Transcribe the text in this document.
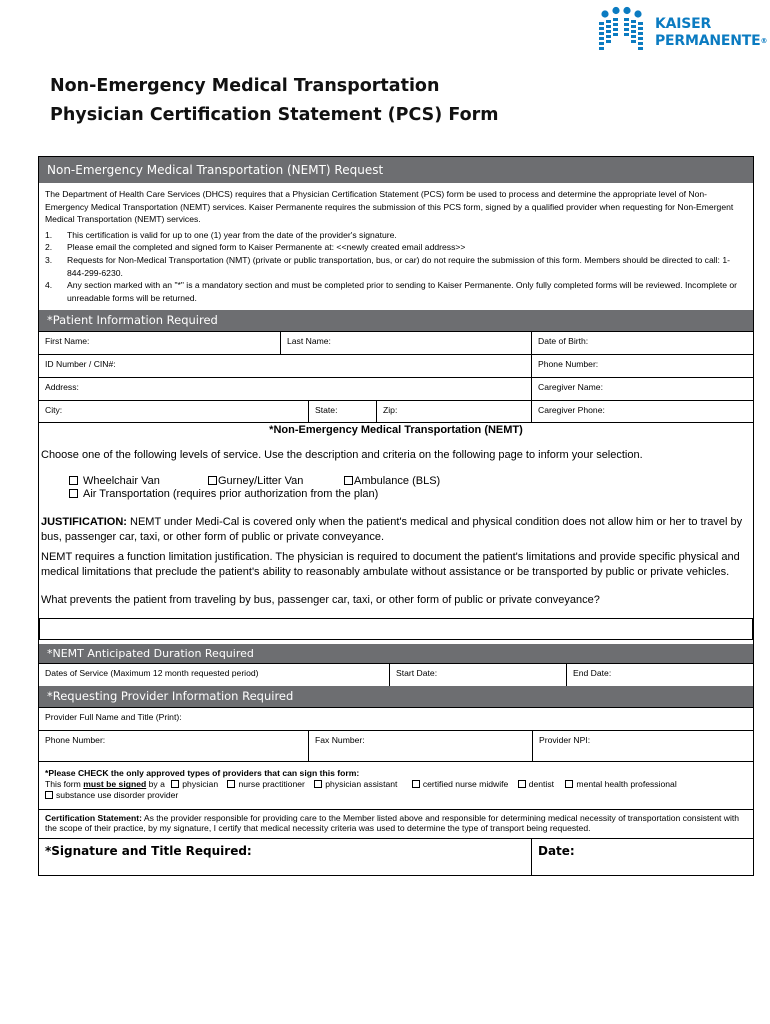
KAISER
PERMANENTE®
Non-Emergency Medical Transportation
Physician Certification Statement (PCS) Form
Non-Emergency Medical Transportation (NEMT) Request
The Department of Health Care Services (DHCS) requires that a Physician Certification Statement (PCS) form be used to process and determine the appropriate level of Non-Emergency Medical Transportation (NEMT) services. Kaiser Permanente requires the submission of this PCS form, signed by a qualified provider when requesting for Non-Emergent Medical Transportation (NEMT) services.
1. This certification is valid for up to one (1) year from the date of the provider's signature.
2. Please email the completed and signed form to Kaiser Permanente at: <<newly created email address>>
3. Requests for Non-Medical Transportation (NMT) (private or public transportation, bus, or car) do not require the submission of this form. Members should be directed to call: 1-844-299-6230.
4. Any section marked with an "*" is a mandatory section and must be completed prior to sending to Kaiser Permanente. Only fully completed forms will be reviewed. Incomplete or unreadable forms will be returned.
*Patient Information Required
First Name:	Last Name:	Date of Birth:
ID Number / CIN#:	Phone Number:
Address:	Caregiver Name:
City:	State:	Zip:	Caregiver Phone:
*Non-Emergency Medical Transportation (NEMT)

Choose one of the following levels of service. Use the description and criteria on the following page to inform your selection.

Wheelchair Van	Gurney/Litter Van	Ambulance (BLS)
Air Transportation (requires prior authorization from the plan)

JUSTIFICATION: NEMT under Medi-Cal is covered only when the patient's medical and physical condition does not allow him or her to travel by bus, passenger car, taxi, or other form of public or private conveyance.

NEMT requires a function limitation justification. The physician is required to document the patient's limitations and provide specific physical and medical limitations that preclude the patient's ability to reasonably ambulate without assistance or be transported by public or private vehicles.

What prevents the patient from traveling by bus, passenger car, taxi, or other form of public or private conveyance?

*NEMT Anticipated Duration Required
Dates of Service (Maximum 12 month requested period)	Start Date:	End Date:
*Requesting Provider Information Required
Provider Full Name and Title (Print):
Phone Number:	Fax Number:	Provider NPI:
*Please CHECK the only approved types of providers that can sign this form:
This form must be signed by a physician nurse practitioner physician assistant	certified nurse midwife dentist	mental health professional
substance use disorder provider
Certification Statement: As the provider responsible for providing care to the Member listed above and responsible for determining medical necessity of transportation consistent with the scope of their practice, by my signature, I certify that medical necessity criteria was used to determine the type of transport being requested.
*Signature and Title Required:	Date:
